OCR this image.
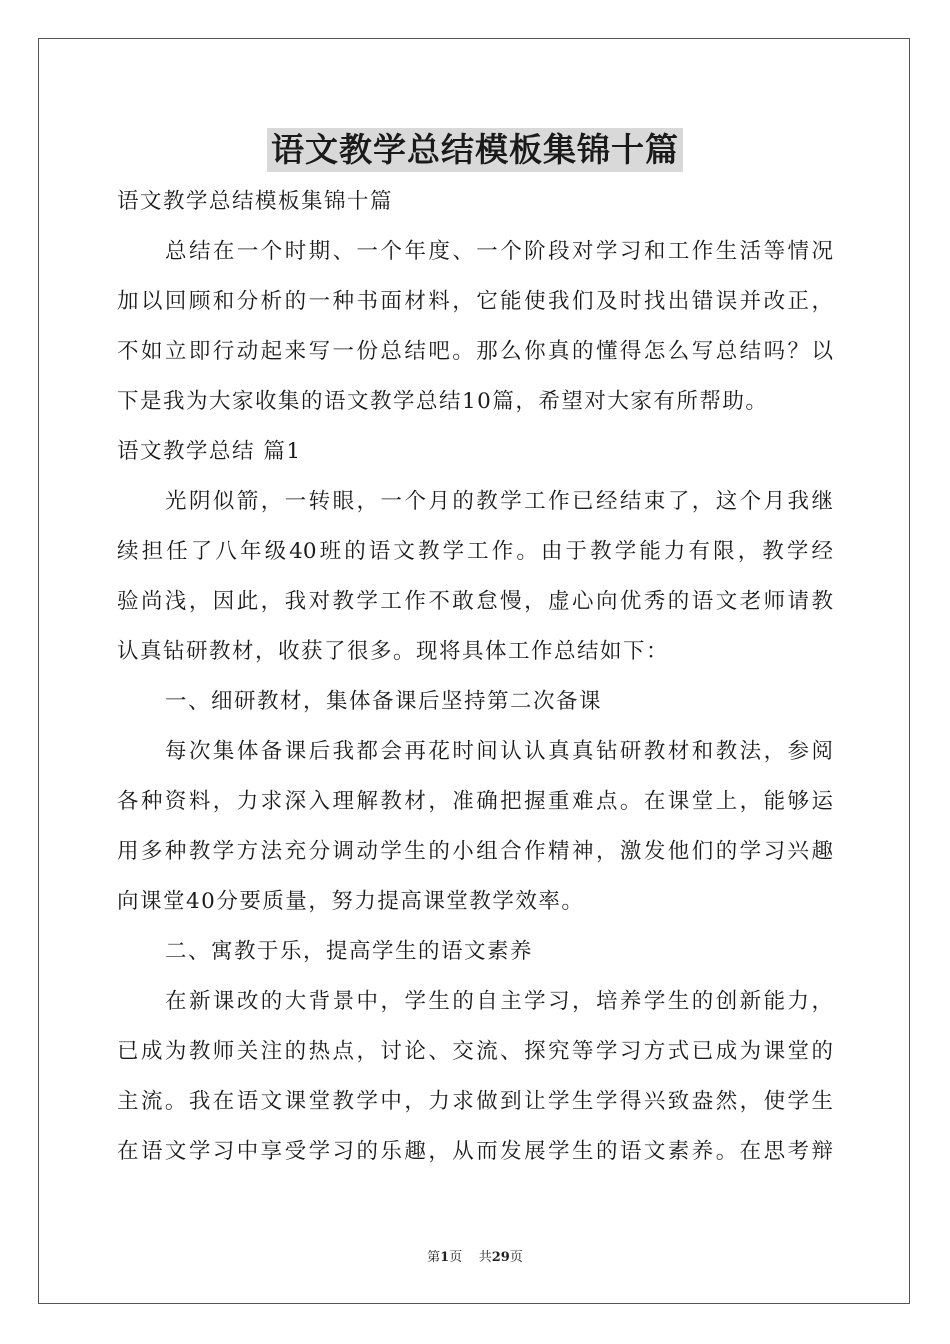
语文教学总结模板集锦十篇
语文教学总结模板集锦十篇
总结在一个时期、一个年度、一个阶段对学习和工作生活等情况
加以回顾和分析的一种书面材料，它能使我们及时找出错误并改正，
不如立即行动起来写一份总结吧。那么你真的懂得怎么写总结吗？以
下是我为大家收集的语文教学总结10篇，希望对大家有所帮助。
语文教学总结 篇1
光阴似箭，一转眼，一个月的教学工作已经结束了，这个月我继
续担任了八年级40班的语文教学工作。由于教学能力有限，教学经
验尚浅，因此，我对教学工作不敢怠慢，虚心向优秀的语文老师请教
认真钻研教材，收获了很多。现将具体工作总结如下：
一、细研教材，集体备课后坚持第二次备课
每次集体备课后我都会再花时间认认真真钻研教材和教法，参阅
各种资料，力求深入理解教材，准确把握重难点。在课堂上，能够运
用多种教学方法充分调动学生的小组合作精神，激发他们的学习兴趣
向课堂40分要质量，努力提高课堂教学效率。
二、寓教于乐，提高学生的语文素养
在新课改的大背景中，学生的自主学习，培养学生的创新能力，
已成为教师关注的热点，讨论、交流、探究等学习方式已成为课堂的
主流。我在语文课堂教学中，力求做到让学生学得兴致盎然，使学生
在语文学习中享受学习的乐趣，从而发展学生的语文素养。在思考辩
第1页 共29页
